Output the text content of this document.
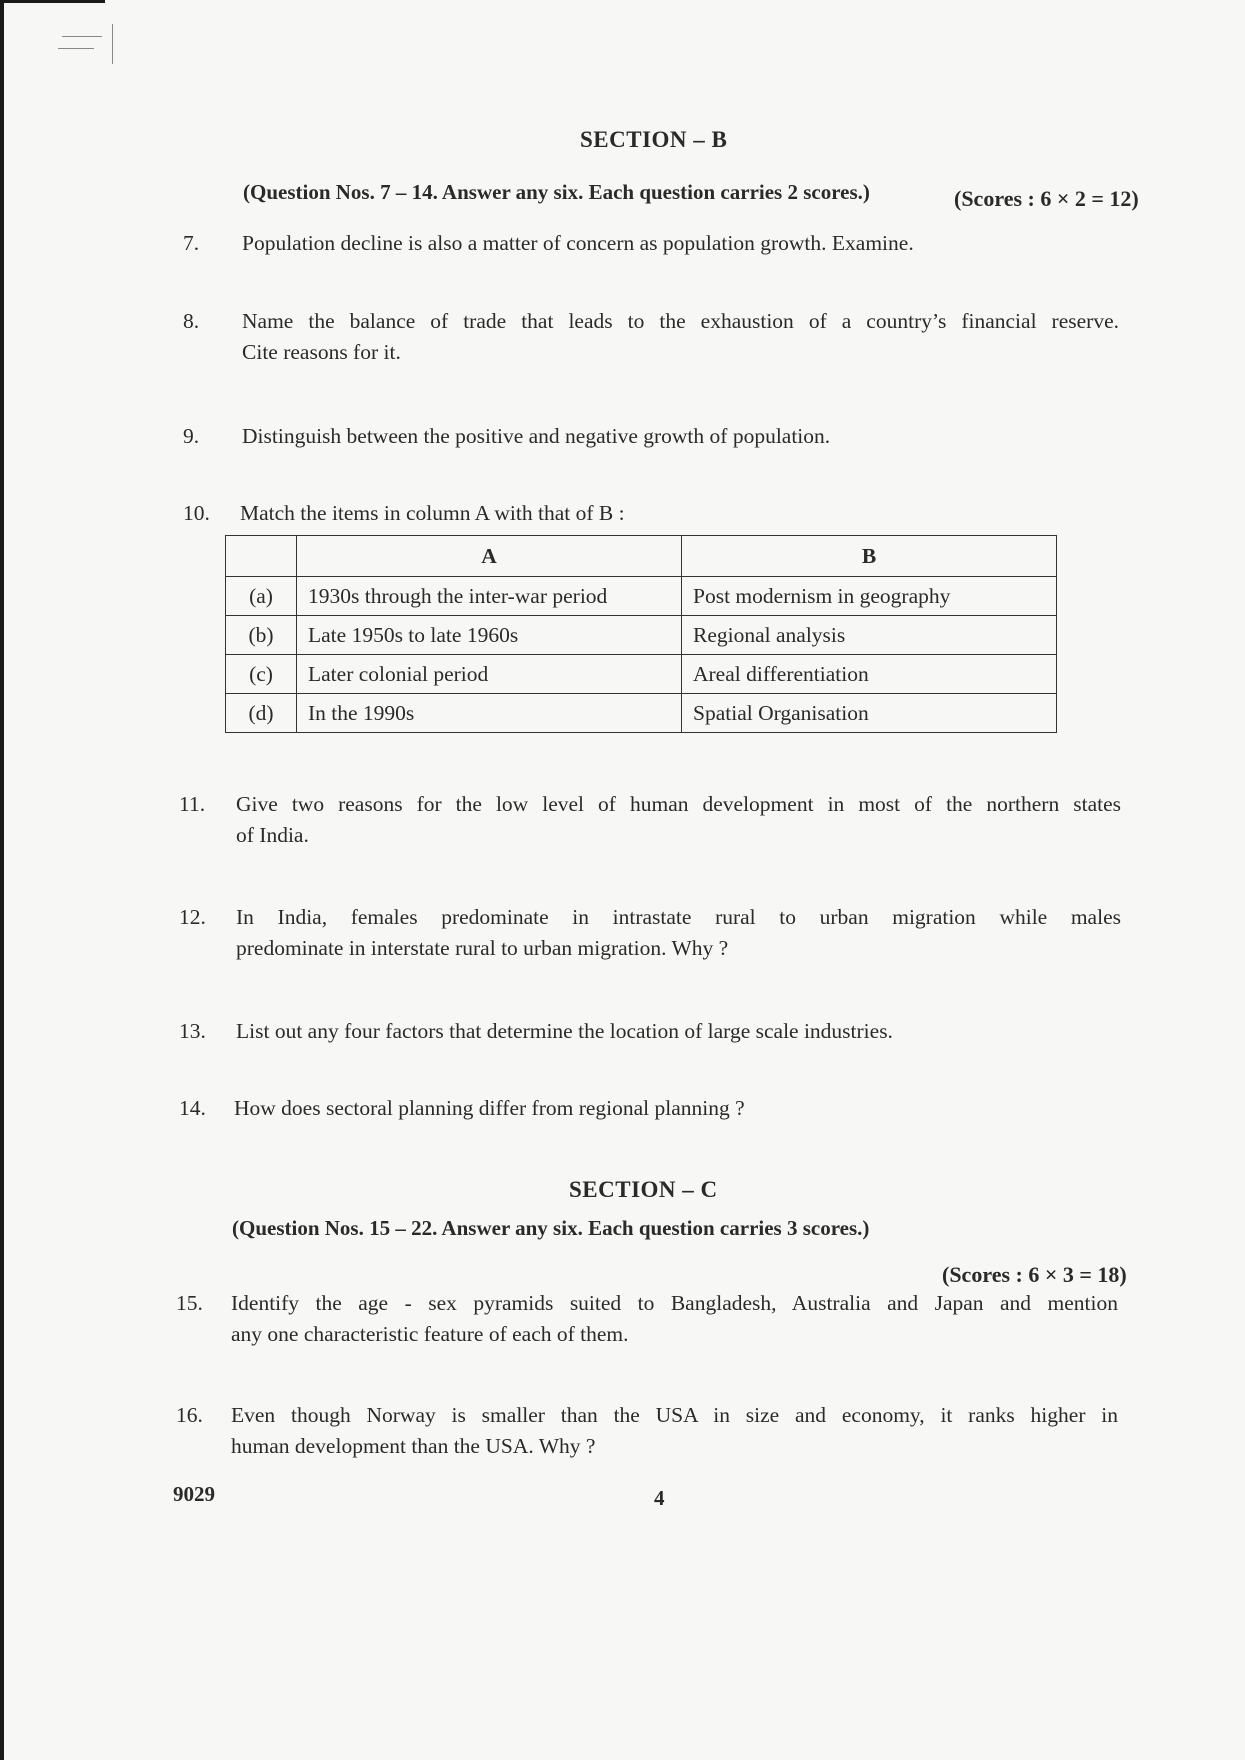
SECTION – B
(Question Nos. 7 – 14. Answer any six. Each question carries 2 scores.)	(Scores : 6 × 2 = 12)
7. Population decline is also a matter of concern as population growth. Examine.
8. Name the balance of trade that leads to the exhaustion of a country’s financial reserve.
Cite reasons for it.
9. Distinguish between the positive and negative growth of population.
10. Match the items in column A with that of B :
	A	B
(a)	1930s through the inter-war period	Post modernism in geography
(b)	Late 1950s to late 1960s	Regional analysis
(c)	Later colonial period	Areal differentiation
(d)	In the 1990s	Spatial Organisation
11. Give two reasons for the low level of human development in most of the northern states
of India.
12. In India, females predominate in intrastate rural to urban migration while males
predominate in interstate rural to urban migration. Why ?
13. List out any four factors that determine the location of large scale industries.
14. How does sectoral planning differ from regional planning ?
SECTION – C
(Question Nos. 15 – 22. Answer any six. Each question carries 3 scores.)
(Scores : 6 × 3 = 18)
15. Identify the age - sex pyramids suited to Bangladesh, Australia and Japan and mention
any one characteristic feature of each of them.
16. Even though Norway is smaller than the USA in size and economy, it ranks higher in
human development than the USA. Why ?
9029	4
